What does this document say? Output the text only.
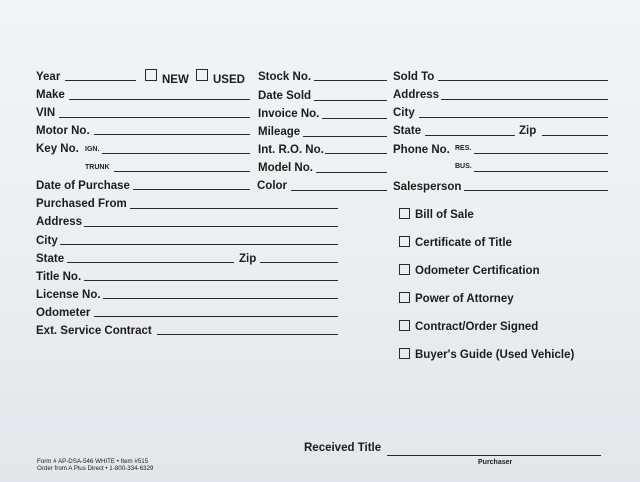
Year	NEW USED
Make
VIN
Motor No.
Key No. IGN.
TRUNK
Date of Purchase
Stock No.
Date Sold
Invoice No.
Mileage
Int. R.O. No.
Model No.
Color
Sold To
Address
City
State	Zip
Phone No. RES.
BUS.
Salesperson
Purchased From
Address
City
State	Zip
Title No.
License No.
Odometer
Ext. Service Contract
Bill of Sale
Certificate of Title
Odometer Certification
Power of Attorney
Contract/Order Signed
Buyer's Guide (Used Vehicle)
Received Title
Purchaser
Form # AP-DSA-546 WHITE • Item #515
Order from A Plus Direct • 1-800-334-6329
